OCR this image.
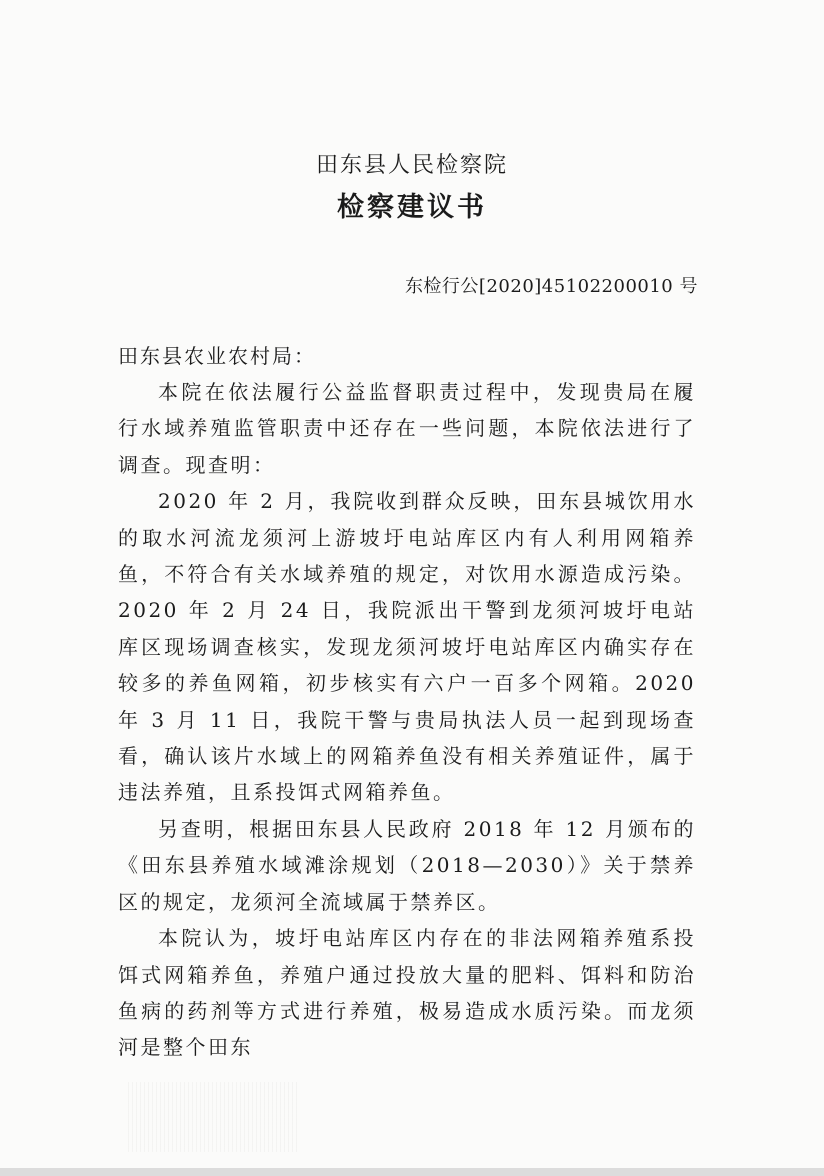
田东县人民检察院
检察建议书
东检行公[2020]45102200010 号
田东县农业农村局：

本院在依法履行公益监督职责过程中，发现贵局在履行水域养殖监管职责中还存在一些问题，本院依法进行了调查。现查明：

2020 年 2 月，我院收到群众反映，田东县城饮用水的取水河流龙须河上游坡圩电站库区内有人利用网箱养鱼，不符合有关水域养殖的规定，对饮用水源造成污染。2020 年 2 月 24 日，我院派出干警到龙须河坡圩电站库区现场调查核实，发现龙须河坡圩电站库区内确实存在较多的养鱼网箱，初步核实有六户一百多个网箱。2020 年 3 月 11 日，我院干警与贵局执法人员一起到现场查看，确认该片水域上的网箱养鱼没有相关养殖证件，属于违法养殖，且系投饵式网箱养鱼。

另查明，根据田东县人民政府 2018 年 12 月颁布的《田东县养殖水域滩涂规划（2018—2030）》关于禁养区的规定，龙须河全流域属于禁养区。

本院认为，坡圩电站库区内存在的非法网箱养殖系投饵式网箱养鱼，养殖户通过投放大量的肥料、饵料和防治鱼病的药剂等方式进行养殖，极易造成水质污染。而龙须河是整个田东
